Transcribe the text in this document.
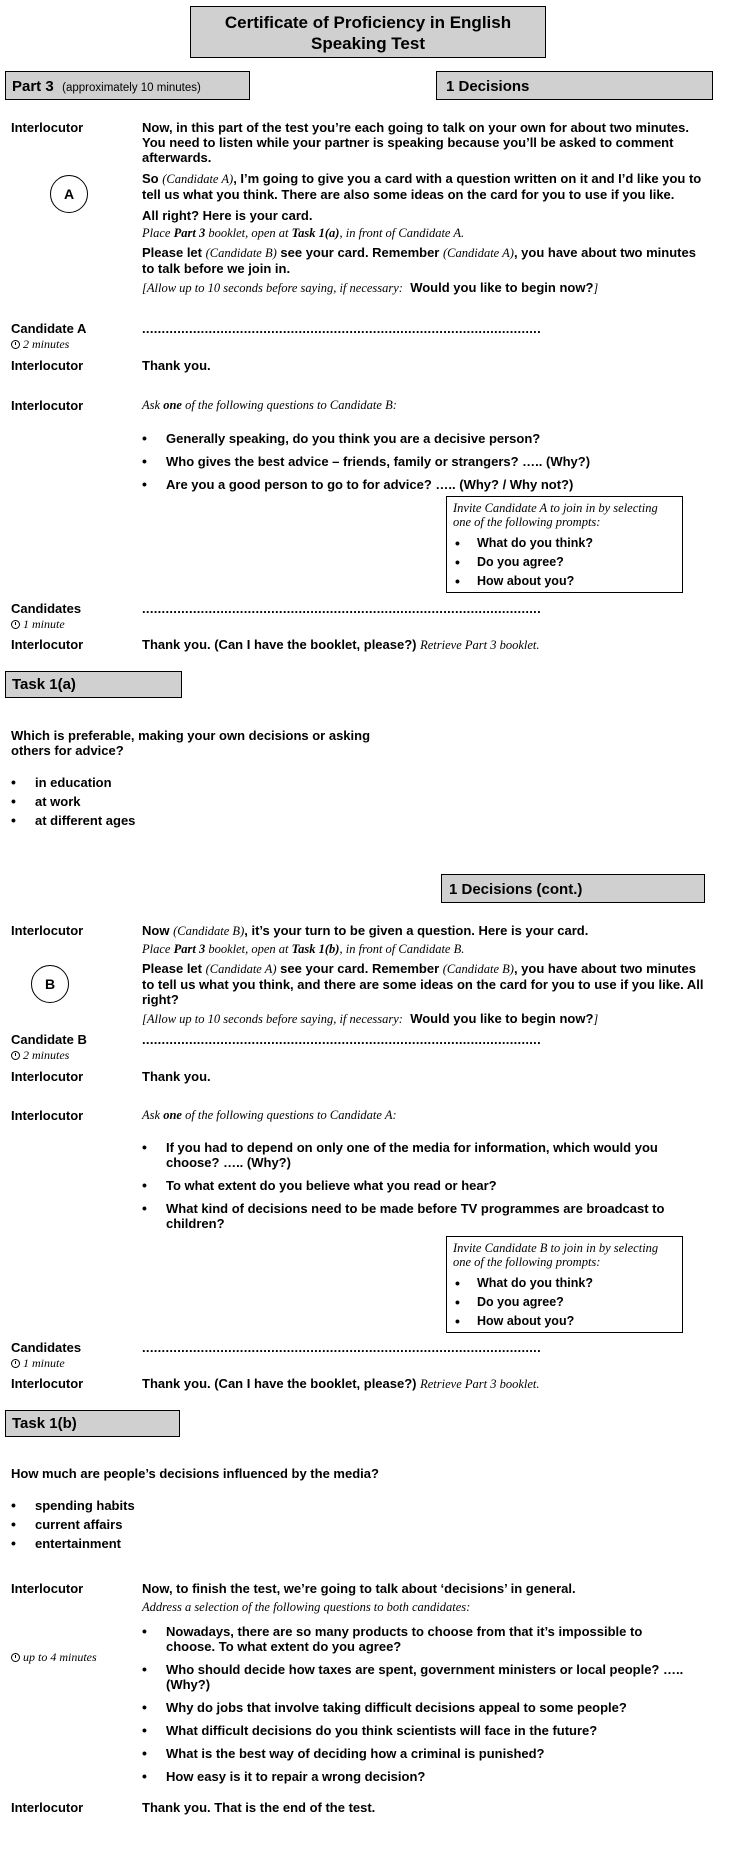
Certificate of Proficiency in English
Speaking Test
Part 3 (approximately 10 minutes)	1 Decisions
Interlocutor	Now, in this part of the test you’re each going to talk on your own for about two minutes. You need to listen while your partner is speaking because you’ll be asked to comment afterwards.

So (Candidate A), I’m going to give you a card with a question written on it and I’d like you to tell us what you think. There are also some ideas on the card for you to use if you like.

All right? Here is your card.

Place Part 3 booklet, open at Task 1(a), in front of Candidate A.

Please let (Candidate B) see your card. Remember (Candidate A), you have about two minutes to talk before we join in.

[Allow up to 10 seconds before saying, if necessary: Would you like to begin now?]

A
Candidate A
2 minutes
......................................................................................................
Interlocutor	Thank you.
Interlocutor	Ask one of the following questions to Candidate B:
•	Generally speaking, do you think you are a decisive person?
•	Who gives the best advice – friends, family or strangers? ….. (Why?)
•	Are you a good person to go to for advice? ….. (Why? / Why not?)
Invite Candidate A to join in by selecting one of the following prompts:
• What do you think?
• Do you agree?
• How about you?
Candidates
1 minute
......................................................................................................
Interlocutor	Thank you. (Can I have the booklet, please?) Retrieve Part 3 booklet.
Task 1(a)
Which is preferable, making your own decisions or asking others for advice?
•	in education
•	at work
•	at different ages
1 Decisions (cont.)
Interlocutor	Now (Candidate B), it’s your turn to be given a question. Here is your card.

Place Part 3 booklet, open at Task 1(b), in front of Candidate B.

Please let (Candidate A) see your card. Remember (Candidate B), you have about two minutes to tell us what you think, and there are some ideas on the card for you to use if you like. All right?

[Allow up to 10 seconds before saying, if necessary: Would you like to begin now?]

B
Candidate B
2 minutes
......................................................................................................
Interlocutor	Thank you.
Interlocutor	Ask one of the following questions to Candidate A:
•	If you had to depend on only one of the media for information, which would you choose? ….. (Why?)
•	To what extent do you believe what you read or hear?
•	What kind of decisions need to be made before TV programmes are broadcast to children?
Invite Candidate B to join in by selecting one of the following prompts:
• What do you think?
• Do you agree?
• How about you?
Candidates
1 minute
......................................................................................................
Interlocutor	Thank you. (Can I have the booklet, please?) Retrieve Part 3 booklet.
Task 1(b)
How much are people’s decisions influenced by the media?
•	spending habits
•	current affairs
•	entertainment
Interlocutor	Now, to finish the test, we’re going to talk about ‘decisions’ in general.
Address a selection of the following questions to both candidates:
up to 4 minutes
•	Nowadays, there are so many products to choose from that it’s impossible to choose. To what extent do you agree?
•	Who should decide how taxes are spent, government ministers or local people? ….. (Why?)
•	Why do jobs that involve taking difficult decisions appeal to some people?
•	What difficult decisions do you think scientists will face in the future?
•	What is the best way of deciding how a criminal is punished?
•	How easy is it to repair a wrong decision?
Interlocutor	Thank you. That is the end of the test.
